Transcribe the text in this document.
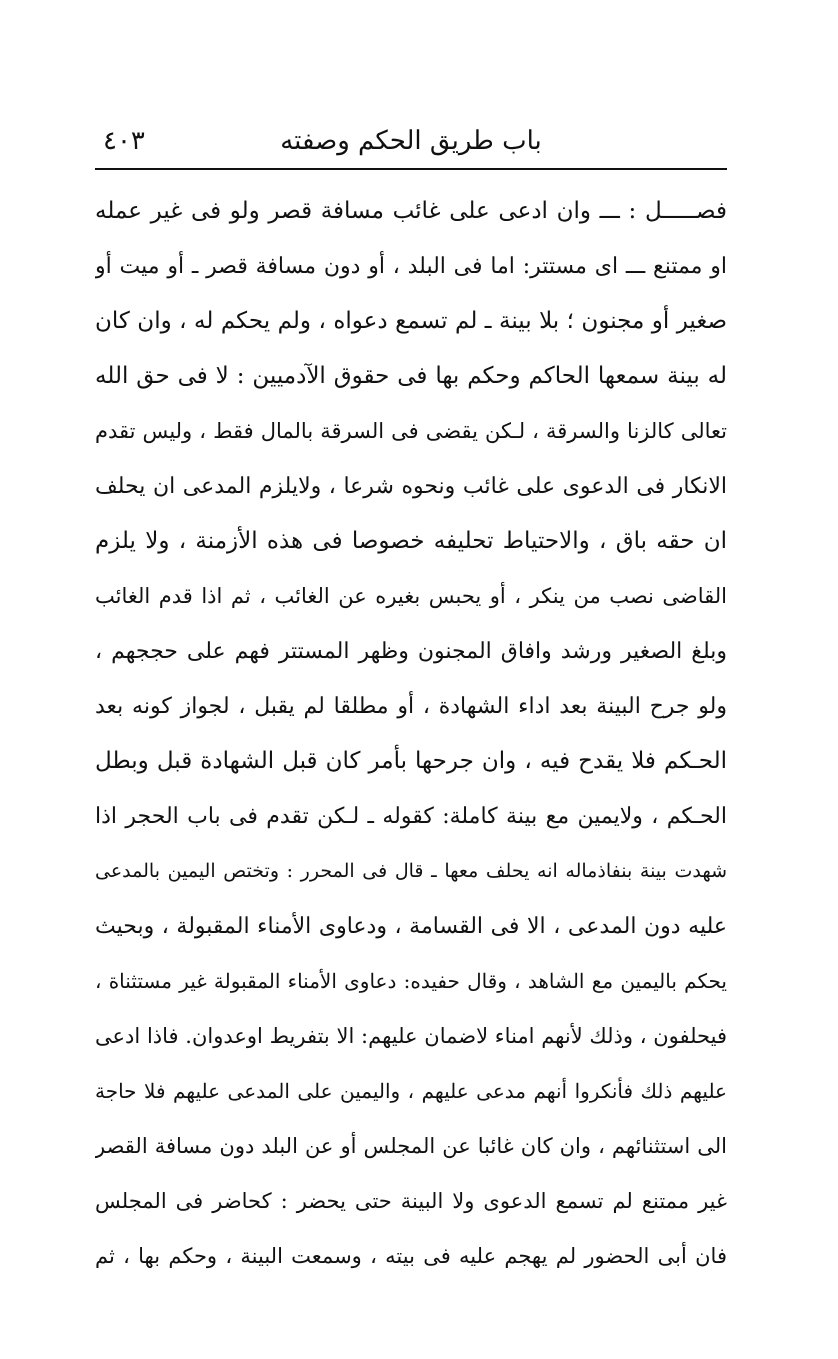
باب طريق الحكم وصفته
٤٠٣
فصـــــل : ـــ وان ادعى على غائب مسافة قصر ولو فى غير عمله
او ممتنع ـــ اى مستتر: اما فى البلد ، أو دون مسافة قصر ـ أو ميت أو
صغير أو مجنون ؛ بلا بينة ـ لم تسمع دعواه ، ولم يحكم له ، وان كان
له بينة سمعها الحاكم وحكم بها فى حقوق الآدميين : لا فى حق الله
تعالى كالزنا والسرقة ، لـكن يقضى فى السرقة بالمال فقط ، وليس تقدم
الانكار فى الدعوى على غائب ونحوه شرعا ، ولايلزم المدعى ان يحلف
ان حقه باق ، والاحتياط تحليفه خصوصا فى هذه الأزمنة ، ولا يلزم
القاضى نصب من ينكر ، أو يحبس بغيره عن الغائب ، ثم اذا قدم الغائب
وبلغ الصغير ورشد وافاق المجنون وظهر المستتر فهم على حججهم ،
ولو جرح البينة بعد اداء الشهادة ، أو مطلقا لم يقبل ، لجواز كونه بعد
الحـكم فلا يقدح فيه ، وان جرحها بأمر كان قبل الشهادة قبل وبطل
الحـكم ، ولايمين مع بينة كاملة: كقوله ـ لـكن تقدم فى باب الحجر اذا
شهدت بينة بنفاذماله انه يحلف معها ـ قال فى المحرر : وتختص اليمين بالمدعى
عليه دون المدعى ، الا فى القسامة ، ودعاوى الأمناء المقبولة ، وبحيث
يحكم باليمين مع الشاهد ، وقال حفيده: دعاوى الأمناء المقبولة غير مستثناة ،
فيحلفون ، وذلك لأنهم امناء لاضمان عليهم: الا بتفريط اوعدوان. فاذا ادعى
عليهم ذلك فأنكروا أنهم مدعى عليهم ، واليمين على المدعى عليهم فلا حاجة
الى استثنائهم ، وان كان غائبا عن المجلس أو عن البلد دون مسافة القصر
غير ممتنع لم تسمع الدعوى ولا البينة حتى يحضر : كحاضر فى المجلس
فان أبى الحضور لم يهجم عليه فى بيته ، وسمعت البينة ، وحكم بها ، ثم
